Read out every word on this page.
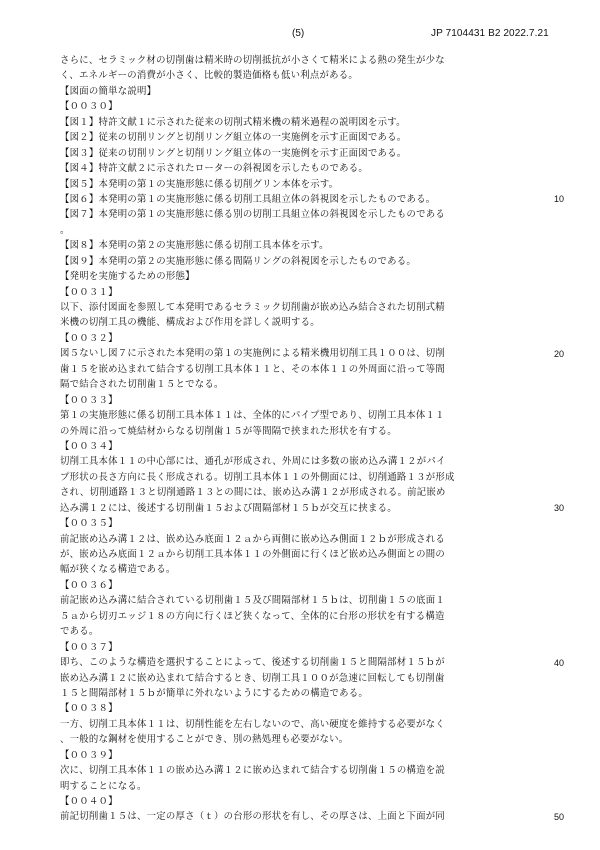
(5)	JP 7104431 B2 2022.7.21
さらに、セラミック材の切削歯は精米時の切削抵抗が小さくて精米による熱の発生が少な
く、エネルギーの消費が小さく、比較的製造価格も低い利点がある。
【図面の簡単な説明】
【００３０】
【図１】特許文献１に示された従来の切削式精米機の精米過程の説明図を示す。
【図２】従来の切削リングと切削リング組立体の一実施例を示す正面図である。
【図３】従来の切削リングと切削リング組立体の一実施例を示す正面図である。
【図４】特許文献２に示されたローターの斜視図を示したものである。
【図５】本発明の第１の実施形態に係る切削グリン本体を示す。
【図６】本発明の第１の実施形態に係る切削工具組立体の斜視図を示したものである。
【図７】本発明の第１の実施形態に係る別の切削工具組立体の斜視図を示したものである
。
【図８】本発明の第２の実施形態に係る切削工具本体を示す。
【図９】本発明の第２の実施形態に係る間隔リングの斜視図を示したものである。
【発明を実施するための形態】
【００３１】
以下、添付図面を参照して本発明であるセラミック切削歯が嵌め込み結合された切削式精
米機の切削工具の機能、構成および作用を詳しく説明する。
【００３２】
図５ないし図７に示された本発明の第１の実施例による精米機用切削工具１００は、切削
歯１５を嵌め込まれて結合する切削工具本体１１と、その本体１１の外周面に沿って等間
隔で結合された切削歯１５とでなる。
【００３３】
第１の実施形態に係る切削工具本体１１は、全体的にパイプ型であり、切削工具本体１１
の外周に沿って焼結材からなる切削歯１５が等間隔で挟まれた形状を有する。
【００３４】
切削工具本体１１の中心部には、通孔が形成され、外周には多数の嵌め込み溝１２がパイ
プ形状の長さ方向に長く形成される。切削工具本体１１の外側面には、切削通路１３が形成
され、切削通路１３と切削通路１３との間には、嵌め込み溝１２が形成される。前記嵌め
込み溝１２には、後述する切削歯１５および間隔部材１５ｂが交互に挟まる。
【００３５】
前記嵌め込み溝１２は、嵌め込み底面１２ａから両側に嵌め込み側面１２ｂが形成される
が、嵌め込み底面１２ａから切削工具本体１１の外側面に行くほど嵌め込み側面との間の
幅が狭くなる構造である。
【００３６】
前記嵌め込み溝に結合されている切削歯１５及び間隔部材１５ｂは、切削歯１５の底面１
５ａから切刃エッジ１８の方向に行くほど狭くなって、全体的に台形の形状を有する構造
である。
【００３７】
即ち、このような構造を選択することによって、後述する切削歯１５と間隔部材１５ｂが
嵌め込み溝１２に嵌め込まれて結合するとき、切削工具１００が急速に回転しても切削歯
１５と間隔部材１５ｂが簡単に外れないようにするための構造である。
【００３８】
一方、切削工具本体１１は、切削性能を左右しないので、高い硬度を維持する必要がなく
、一般的な鋼材を使用することができ、別の熱処理も必要がない。
【００３９】
次に、切削工具本体１１の嵌め込み溝１２に嵌め込まれて結合する切削歯１５の構造を説
明することになる。
【００４０】
前記切削歯１５は、一定の厚さ（ｔ）の台形の形状を有し、その厚さは、上面と下面が同
10
20
30
40
50
